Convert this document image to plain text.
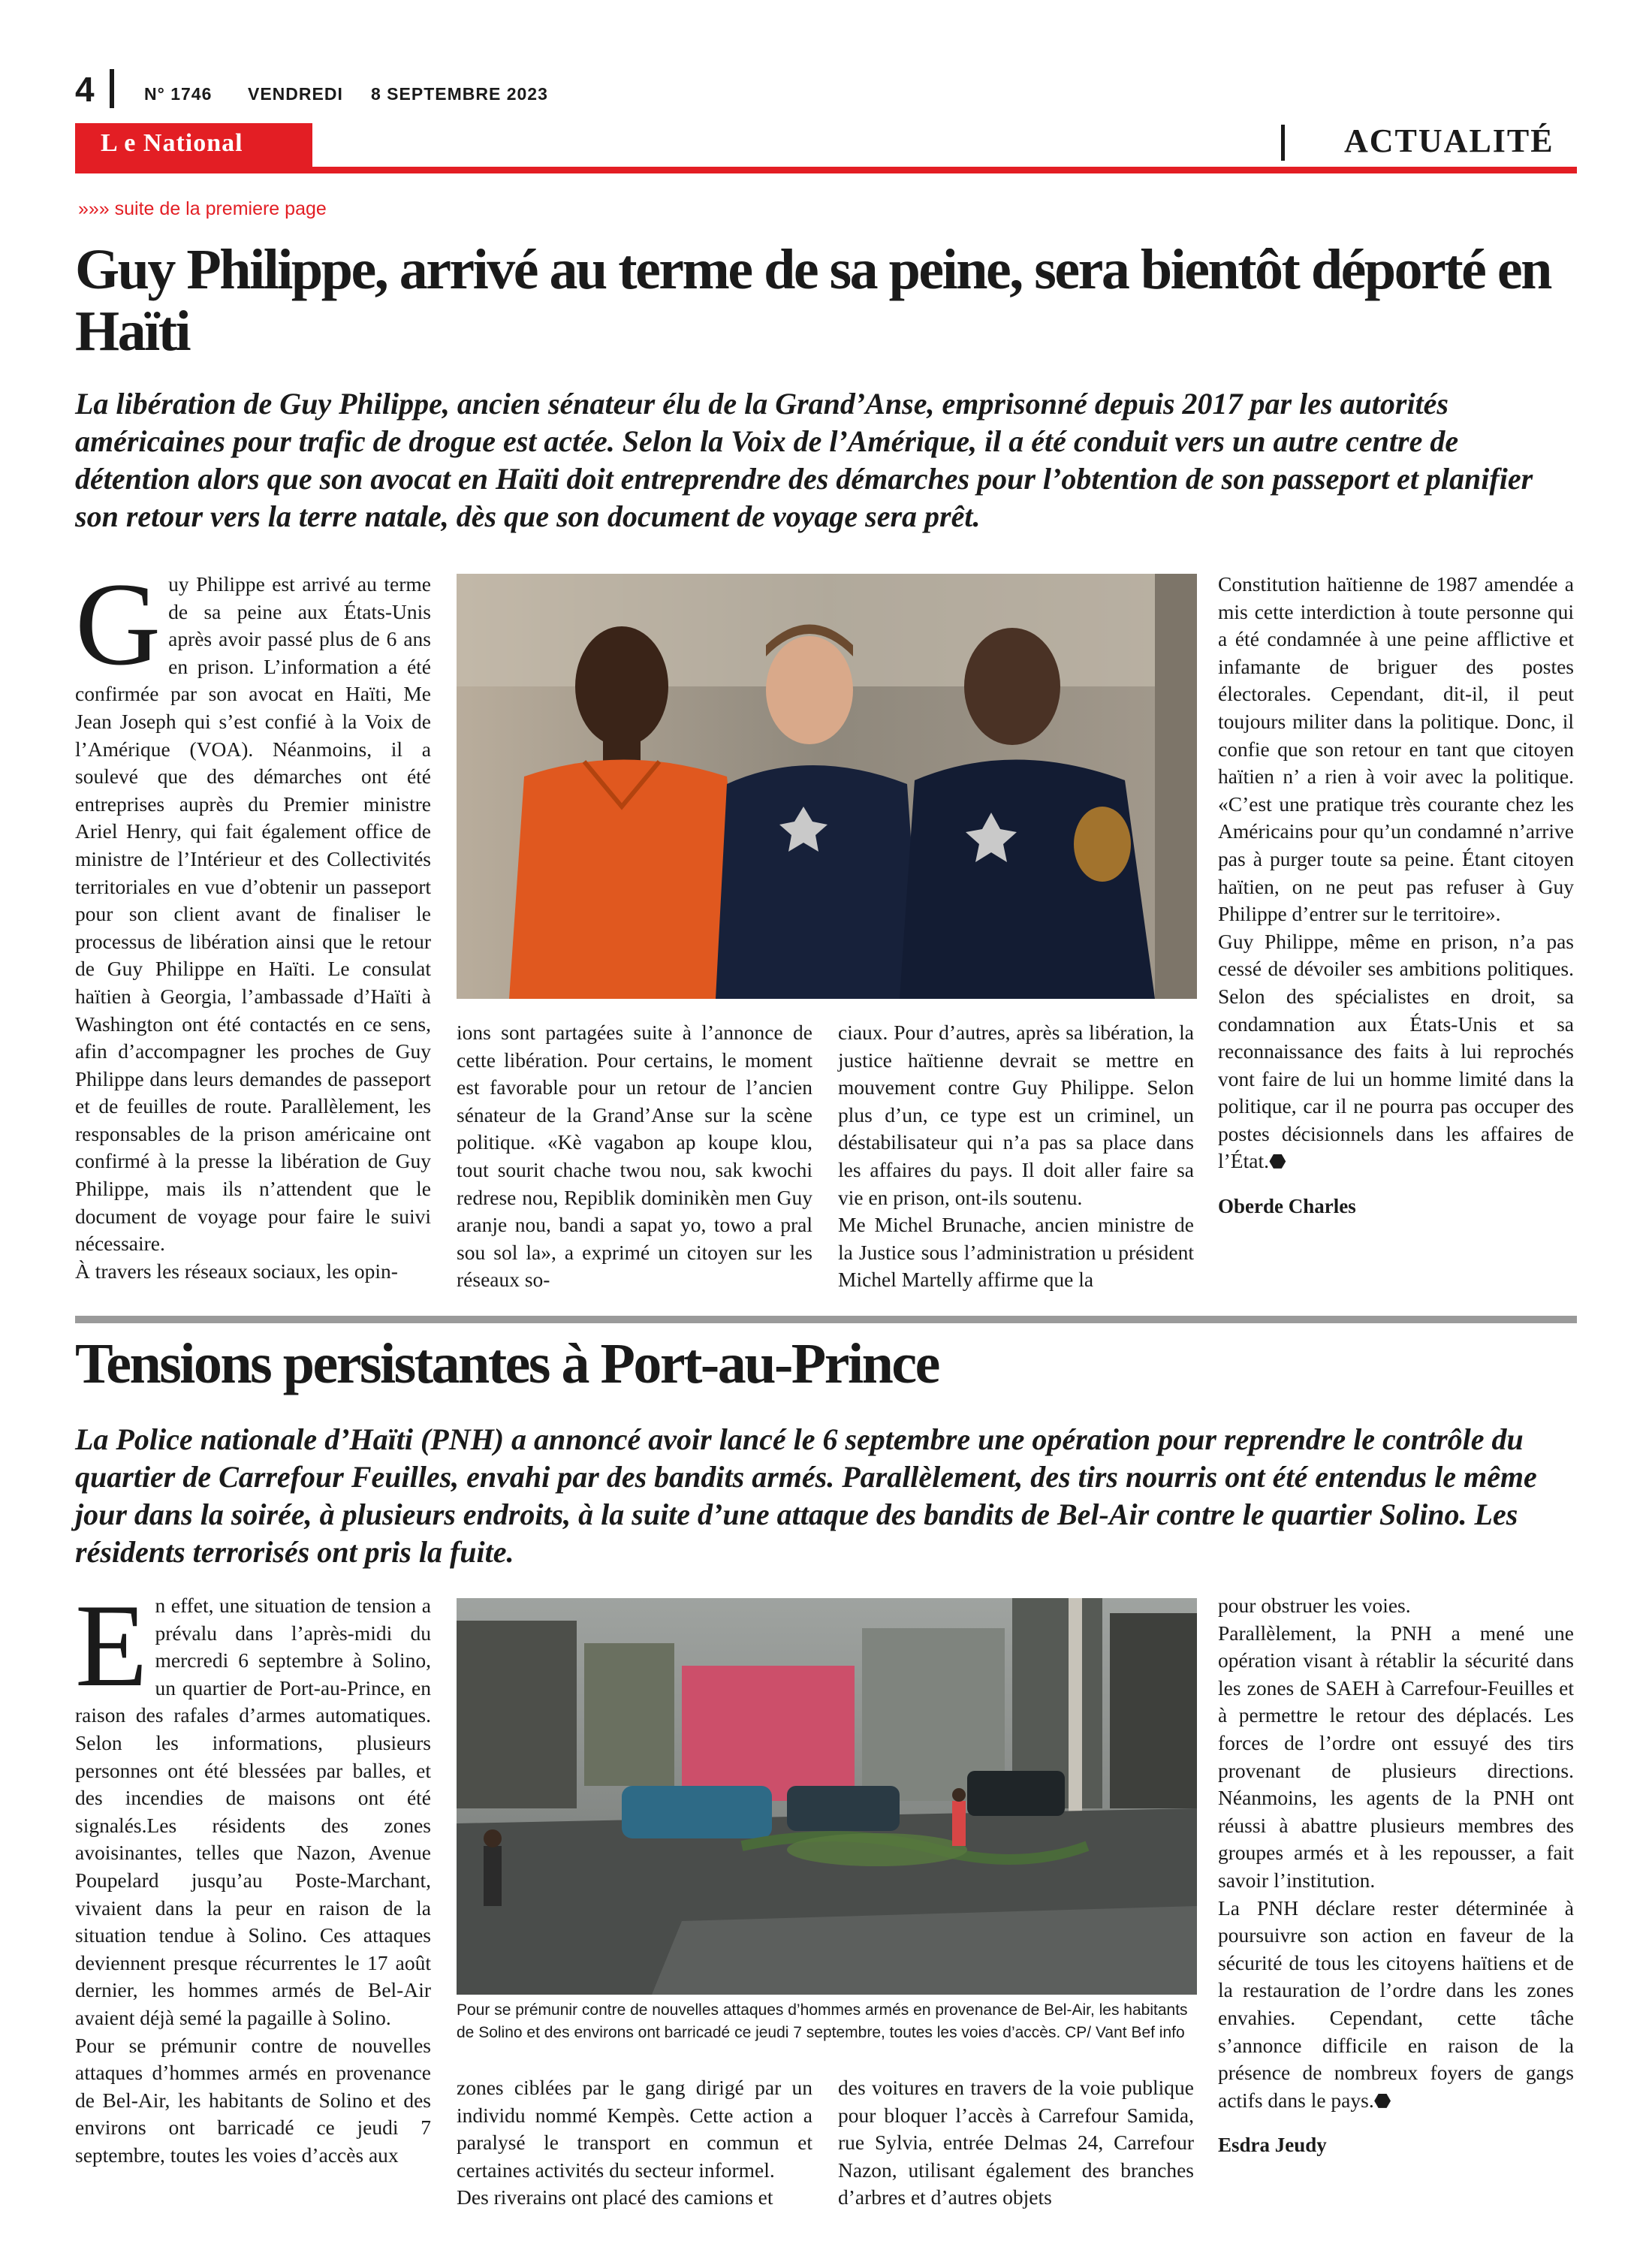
4	N° 1746 VENDREDI 8 SEPTEMBRE 2023
L e National	ACTUALITÉ
»»» suite de la premiere page
Guy Philippe, arrivé au terme de sa peine, sera bientôt déporté en Haïti
La libération de Guy Philippe, ancien sénateur élu de la Grand’Anse, emprisonné depuis 2017 par les autorités américaines pour trafic de drogue est actée. Selon la Voix de l’Amérique, il a été conduit vers un autre centre de détention alors que son avocat en Haïti doit entreprendre des démarches pour l’obtention de son passeport et planifier son retour vers la terre natale, dès que son document de voyage sera prêt.

Guy Philippe est arrivé au terme de sa peine aux États-Unis après avoir passé plus de 6 ans en prison. L’information a été confirmée par son avocat en Haïti, Me Jean Joseph qui s’est confié à la Voix de l’Amérique (VOA). Néanmoins, il a soulevé que des démarches ont été entreprises auprès du Premier ministre Ariel Henry, qui fait également office de ministre de l’Intérieur et des Collectivités territoriales en vue d’obtenir un passeport pour son client avant de finaliser le processus de libération ainsi que le retour de Guy Philippe en Haïti. Le consulat haïtien à Georgia, l’ambassade d’Haïti à Washington ont été contactés en ce sens, afin d’accompagner les proches de Guy Philippe dans leurs demandes de passeport et de feuilles de route. Parallèlement, les responsables de la prison américaine ont confirmé à la presse la libération de Guy Philippe, mais ils n’attendent que le document de voyage pour faire le suivi nécessaire.

À travers les réseaux sociaux, les opin-

ions sont partagées suite à l’annonce de cette libération. Pour certains, le moment est favorable pour un retour de l’ancien sénateur de la Grand’Anse sur la scène politique. «Kè vagabon ap koupe klou, tout sourit chache twou nou, sak kwochi redrese nou, Repiblik dominikèn men Guy aranje nou, bandi a sapat yo, towo a pral sou sol la», a exprimé un citoyen sur les réseaux so-

ciaux. Pour d’autres, après sa libération, la justice haïtienne devrait se mettre en mouvement contre Guy Philippe. Selon plus d’un, ce type est un criminel, un déstabilisateur qui n’a pas sa place dans les affaires du pays. Il doit aller faire sa vie en prison, ont-ils soutenu.

Me Michel Brunache, ancien ministre de la Justice sous l’administration u président Michel Martelly affirme que la

Constitution haïtienne de 1987 amendée a mis cette interdiction à toute personne qui a été condamnée à une peine afflictive et infamante de briguer des postes électorales. Cependant, dit-il, il peut toujours militer dans la politique. Donc, il confie que son retour en tant que citoyen haïtien n’ a rien à voir avec la politique. «C’est une pratique très courante chez les Américains pour qu’un condamné n’arrive pas à purger toute sa peine. Étant citoyen haïtien, on ne peut pas refuser à Guy Philippe d’entrer sur le territoire».

Guy Philippe, même en prison, n’a pas cessé de dévoiler ses ambitions politiques. Selon des spécialistes en droit, sa condamnation aux États-Unis et sa reconnaissance des faits à lui reprochés vont faire de lui un homme limité dans la politique, car il ne pourra pas occuper des postes décisionnels dans les affaires de l’État.⬣

Oberde Charles

Tensions persistantes à Port-au-Prince
La Police nationale d’Haïti (PNH) a annoncé avoir lancé le 6 septembre une opération pour reprendre le contrôle du quartier de Carrefour Feuilles, envahi par des bandits armés. Parallèlement, des tirs nourris ont été entendus le même jour dans la soirée, à plusieurs endroits, à la suite d’une attaque des bandits de Bel-Air contre le quartier Solino. Les résidents terrorisés ont pris la fuite.

En effet, une situation de tension a prévalu dans l’après-midi du mercredi 6 septembre à Solino, un quartier de Port-au-Prince, en raison des rafales d’armes automatiques. Selon les informations, plusieurs personnes ont été blessées par balles, et des incendies de maisons ont été signalés.Les résidents des zones avoisinantes, telles que Nazon, Avenue Poupelard jusqu’au Poste-Marchant, vivaient dans la peur en raison de la situation tendue à Solino. Ces attaques deviennent presque récurrentes le 17 août dernier, les hommes armés de Bel-Air avaient déjà semé la pagaille à Solino.

Pour se prémunir contre de nouvelles attaques d’hommes armés en provenance de Bel-Air, les habitants de Solino et des environs ont barricadé ce jeudi 7 septembre, toutes les voies d’accès aux

Pour se prémunir contre de nouvelles attaques d’hommes armés en provenance de Bel-Air, les habitants de Solino et des environs ont barricadé ce jeudi 7 septembre, toutes les voies d’accès. CP/ Vant Bef info

zones ciblées par le gang dirigé par un individu nommé Kempès. Cette action a paralysé le transport en commun et certaines activités du secteur informel.

Des riverains ont placé des camions et

des voitures en travers de la voie publique pour bloquer l’accès à Carrefour Samida, rue Sylvia, entrée Delmas 24, Carrefour Nazon, utilisant également des branches d’arbres et d’autres objets

pour obstruer les voies.

Parallèlement, la PNH a mené une opération visant à rétablir la sécurité dans les zones de SAEH à Carrefour-Feuilles et à permettre le retour des déplacés. Les forces de l’ordre ont essuyé des tirs provenant de plusieurs directions. Néanmoins, les agents de la PNH ont réussi à abattre plusieurs membres des groupes armés et à les repousser, a fait savoir l’institution.

La PNH déclare rester déterminée à poursuivre son action en faveur de la sécurité de tous les citoyens haïtiens et de la restauration de l’ordre dans les zones envahies. Cependant, cette tâche s’annonce difficile en raison de la présence de nombreux foyers de gangs actifs dans le pays.⬣

Esdra Jeudy
